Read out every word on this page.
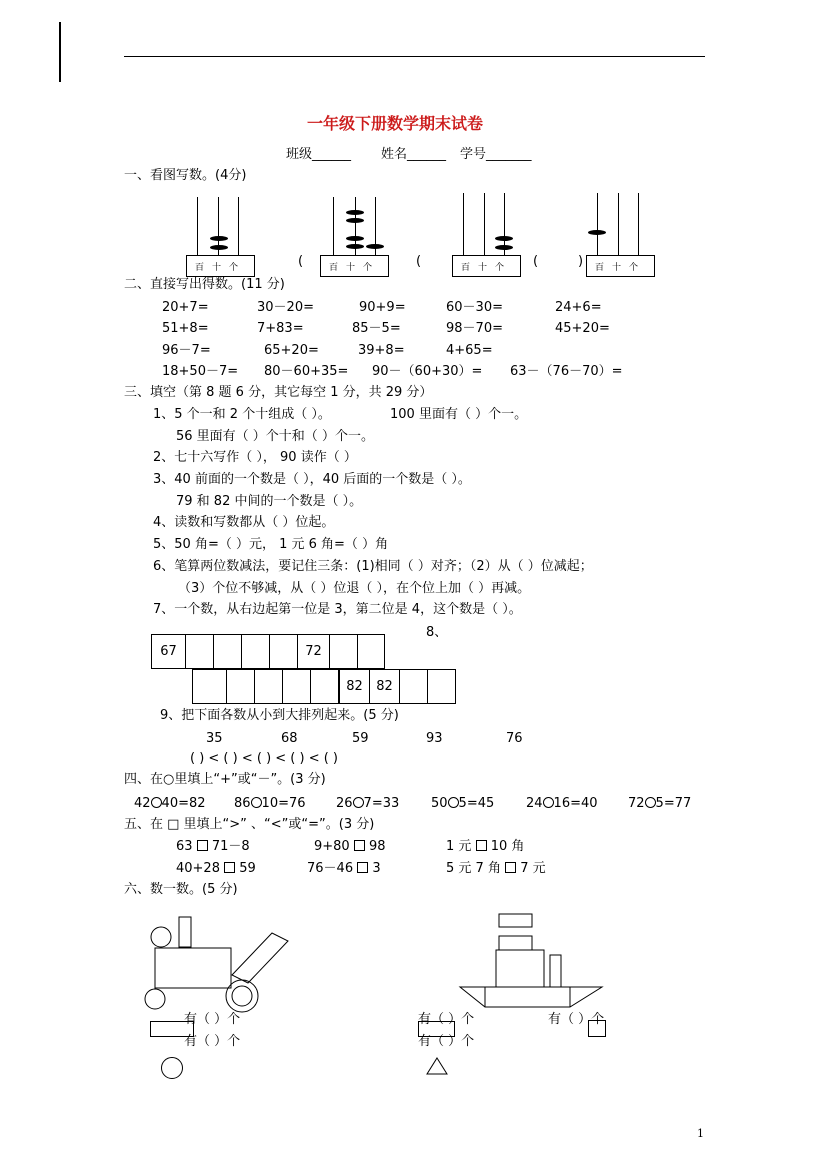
一年级下册数学期末试卷
班级______ 姓名______ 学号_______
一、看图写数。(4分)
百 十 个	(	百 十 个	(	百 十 个 (	) 百 十 个
二、直接写出得数。(11 分)
20+7=	30－20=	90+9=	60－30=	24+6=
51+8=	7+83=	85－5=	98－70=	45+20=
96－7=	65+20=	39+8=	4+65=
18+50－7= 80－60+35= 90－（60+30）= 63－（76－70）=
三、填空（第 8 题 6 分，其它每空 1 分，共 29 分）
1、5 个一和 2 个十组成（ ）。	100 里面有（ ）个一。
56 里面有（ ）个十和（ ）个一。
2、七十六写作（ ）， 90 读作（ ）
3、40 前面的一个数是（ ），40 后面的一个数是（ ）。
79 和 82 中间的一个数是（ ）。
4、读数和写数都从（ ）位起。
5、50 角=（ ）元， 1 元 6 角=（ ）角
6、笔算两位数减法，要记住三条：(1)相同（ ）对齐；（2）从（ ）位减起；
（3）个位不够减，从（ ）位退（ ），在个位上加（ ）再减。
7、一个数，从右边起第一位是 3，第二位是 4，这个数是（ ）。
8、
67	72
82	82
9、把下面各数从小到大排列起来。(5 分)
35	68	59	93	76
( ) < ( ) < ( ) < ( ) < ( )
四、在○里填上“+”或“－”。(3 分)
42 40=82 86 10=76 26 7=33 50 5=45 24 16=40 72 5=77
五、在 □ 里填上“>” 、“<”或“=”。(3 分)
63 71－8	9+80 98	1 元 10 角
40+28 59	76－46 3	5 元 7 角 7 元
六、数一数。(5 分)
有（ ）个
有（ ）个
有（ ）个
有（ ）个
有（ ）个
1
